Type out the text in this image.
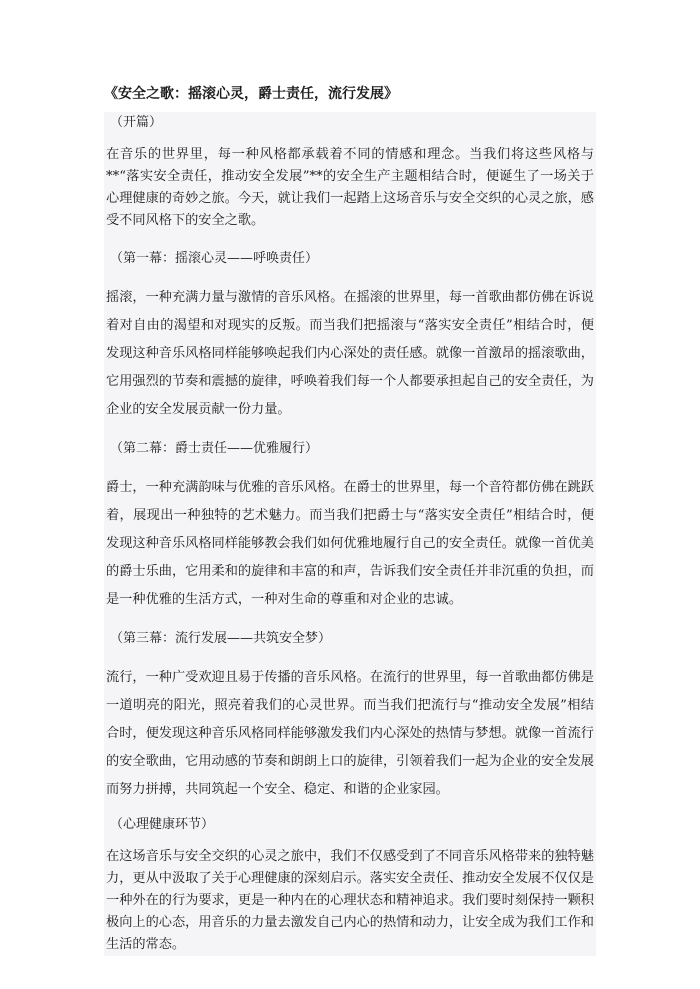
《安全之歌：摇滚心灵，爵士责任，流行发展》
（开篇）
在音乐的世界里，每一种风格都承载着不同的情感和理念。当我们将这些风格与**“落实安全责任，推动安全发展”**的安全生产主题相结合时，便诞生了一场关于心理健康的奇妙之旅。今天，就让我们一起踏上这场音乐与安全交织的心灵之旅，感受不同风格下的安全之歌。
（第一幕：摇滚心灵——呼唤责任）
摇滚，一种充满力量与激情的音乐风格。在摇滚的世界里，每一首歌曲都仿佛在诉说着对自由的渴望和对现实的反叛。而当我们把摇滚与“落实安全责任”相结合时，便发现这种音乐风格同样能够唤起我们内心深处的责任感。就像一首激昂的摇滚歌曲，它用强烈的节奏和震撼的旋律，呼唤着我们每一个人都要承担起自己的安全责任，为企业的安全发展贡献一份力量。
（第二幕：爵士责任——优雅履行）
爵士，一种充满韵味与优雅的音乐风格。在爵士的世界里，每一个音符都仿佛在跳跃着，展现出一种独特的艺术魅力。而当我们把爵士与“落实安全责任”相结合时，便发现这种音乐风格同样能够教会我们如何优雅地履行自己的安全责任。就像一首优美的爵士乐曲，它用柔和的旋律和丰富的和声，告诉我们安全责任并非沉重的负担，而是一种优雅的生活方式，一种对生命的尊重和对企业的忠诚。
（第三幕：流行发展——共筑安全梦）
流行，一种广受欢迎且易于传播的音乐风格。在流行的世界里，每一首歌曲都仿佛是一道明亮的阳光，照亮着我们的心灵世界。而当我们把流行与“推动安全发展”相结合时，便发现这种音乐风格同样能够激发我们内心深处的热情与梦想。就像一首流行的安全歌曲，它用动感的节奏和朗朗上口的旋律，引领着我们一起为企业的安全发展而努力拼搏，共同筑起一个安全、稳定、和谐的企业家园。
（心理健康环节）
在这场音乐与安全交织的心灵之旅中，我们不仅感受到了不同音乐风格带来的独特魅力，更从中汲取了关于心理健康的深刻启示。落实安全责任、推动安全发展不仅仅是一种外在的行为要求，更是一种内在的心理状态和精神追求。我们要时刻保持一颗积极向上的心态，用音乐的力量去激发自己内心的热情和动力，让安全成为我们工作和生活的常态。
